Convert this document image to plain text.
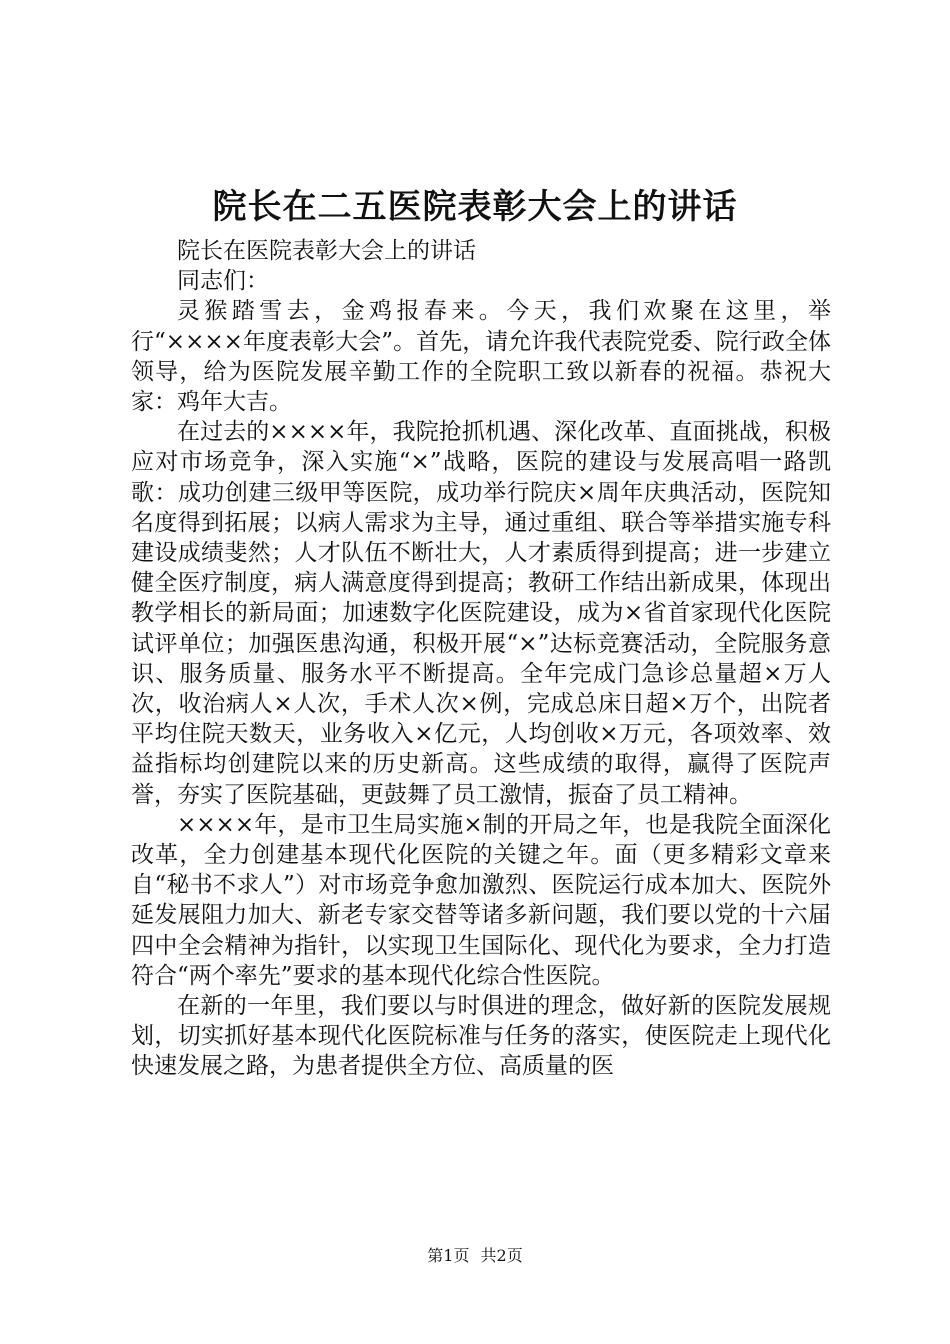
院长在二五医院表彰大会上的讲话

院长在医院表彰大会上的讲话

同志们：

灵猴踏雪去，金鸡报春来。今天，我们欢聚在这里，举行“××××年度表彰大会”。首先，请允许我代表院党委、院行政全体领导，给为医院发展辛勤工作的全院职工致以新春的祝福。恭祝大家：鸡年大吉。

在过去的××××年，我院抢抓机遇、深化改革、直面挑战，积极应对市场竞争，深入实施“×”战略，医院的建设与发展高唱一路凯歌：成功创建三级甲等医院，成功举行院庆×周年庆典活动，医院知名度得到拓展；以病人需求为主导，通过重组、联合等举措实施专科建设成绩斐然；人才队伍不断壮大，人才素质得到提高；进一步建立健全医疗制度，病人满意度得到提高；教研工作结出新成果，体现出教学相长的新局面；加速数字化医院建设，成为×省首家现代化医院试评单位；加强医患沟通，积极开展“×”达标竞赛活动，全院服务意识、服务质量、服务水平不断提高。全年完成门急诊总量超×万人次，收治病人×人次，手术人次×例，完成总床日超×万个，出院者平均住院天数天，业务收入×亿元，人均创收×万元，各项效率、效益指标均创建院以来的历史新高。这些成绩的取得，赢得了医院声誉，夯实了医院基础，更鼓舞了员工激情，振奋了员工精神。

××××年，是市卫生局实施×制的开局之年，也是我院全面深化改革，全力创建基本现代化医院的关键之年。面（更多精彩文章来自“秘书不求人”）对市场竞争愈加激烈、医院运行成本加大、医院外延发展阻力加大、新老专家交替等诸多新问题，我们要以党的十六届四中全会精神为指针，以实现卫生国际化、现代化为要求，全力打造符合“两个率先”要求的基本现代化综合性医院。

在新的一年里，我们要以与时俱进的理念，做好新的医院发展规划，切实抓好基本现代化医院标准与任务的落实，使医院走上现代化快速发展之路，为患者提供全方位、高质量的医

第1页 共2页
